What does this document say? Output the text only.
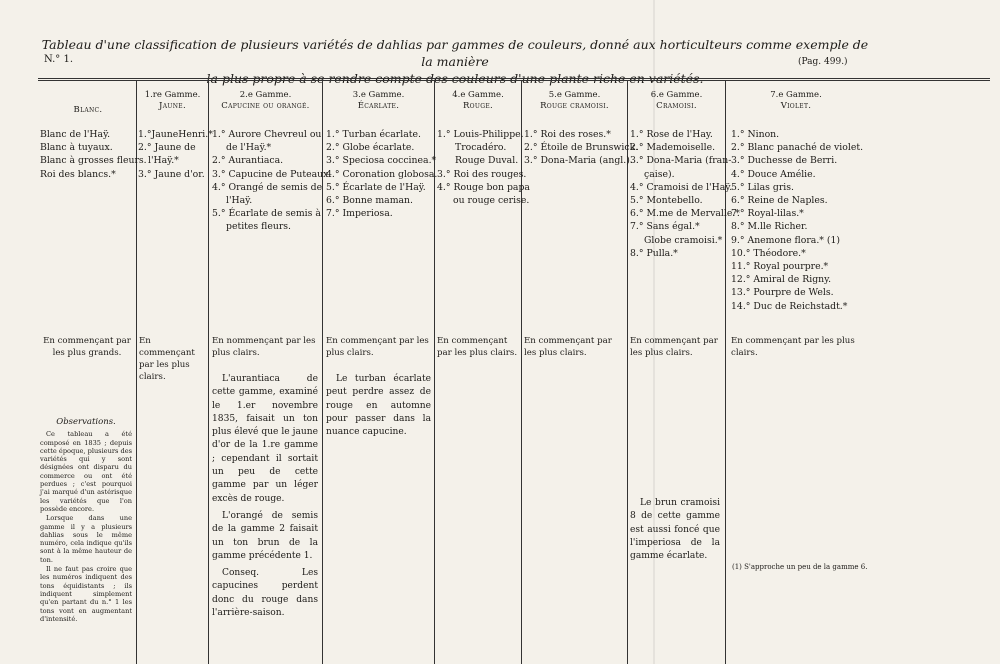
Tableau d'une classification de plusieurs variétés de dahlias par gammes de couleurs, donné aux horticulteurs comme exemple de la manière
N.° 1.	(Pag. 499.)
Blanc.
1.re Gamme.
Jaune.
2.e Gamme.
Capucine ou orangé.
3.e Gamme.
Écarlate.
4.e Gamme.
Rouge.
5.e Gamme.
Rouge cramoisi.
6.e Gamme.
Cramoisi.
7.e Gamme.
Violet.
Blanc de l'Haÿ.
Blanc à tuyaux.
Blanc à grosses fleurs.
Roi des blancs.*
1.°JauneHenri.*
2.° Jaune de
l'Haÿ.*
3.° Jaune d'or.
1.° Aurore Chevreul ou
de l'Haÿ.*
2.° Aurantiaca.
3.° Capucine de Puteaux.
4.° Orangé de semis de
l'Haÿ.
5.° Écarlate de semis à
petites fleurs.
1.° Turban écarlate.
2.° Globe écarlate.
3.° Speciosa coccinea.*
4.° Coronation globosa.
5.° Écarlate de l'Haÿ.
6.° Bonne maman.
7.° Imperiosa.
1.° Louis-Philippe.
Trocadéro.
Rouge Duval.
3.° Roi des rouges.
4.° Rouge bon papa
ou rouge cerise.
1.° Roi des roses.*
2.° Étoile de Brunswick.
3.° Dona-Maria (angl.).
1.° Rose de l'Hay.
2.° Mademoiselle.
3.° Dona-Maria (fran-
çaise).
4.° Cramoisi de l'Haÿ.
5.° Montebello.
6.° M.me de Mervalle.*
7.° Sans égal.*
Globe cramoisi.*
8.° Pulla.*
1.° Ninon.
2.° Blanc panaché de violet.
3.° Duchesse de Berri.
4.° Douce Amélie.
5.° Lilas gris.
6.° Reine de Naples.
7.° Royal-lilas.*
8.° M.lle Richer.
9.° Anemone flora.* (1)
10.° Théodore.*
11.° Royal pourpre.*
12.° Amiral de Rigny.
13.° Pourpre de Wels.
14.° Duc de Reichstadt.*
En commençant par les plus grands.
En commençant par les plus clairs.
En nommençant par les plus clairs.
En commençant par les plus clairs.
En commençant par les plus clairs.
En commençant par les plus clairs.
En commençant par les plus clairs.
En commençant par les plus clairs.
Observations.

Ce tableau a été composé en 1835 ; depuis cette époque, plusieurs des variétés qui y sont désignées ont disparu du commerce ou ont été perdues ; c'est pourquoi j'ai marqué d'un astérisque les variétés que l'on possède encore.

Lorsque dans une gamme il y a plusieurs dahlias sous le même numéro, cela indique qu'ils sont à la même hauteur de ton.

Il ne faut pas croire que les numéros indiquent des tons équidistants ; ils indiquent simplement qu'en partant du n.° 1 les tons vont en augmentant d'intensité.

L'aurantiaca de cette gamme, examiné le 1.er novembre 1835, faisait un ton plus élevé que le jaune d'or de la 1.re gamme ; cependant il sortait un peu de cette gamme par un léger excès de rouge.

L'orangé de semis de la gamme 2 faisait un ton brun de la gamme précédente 1.

Conseq. Les capucines perdent donc du rouge dans l'arrière-saison.

Le turban écarlate peut perdre assez de rouge en automne pour passer dans la nuance capucine.

Le brun cramoisi 8 de cette gamme est aussi foncé que l'imperiosa de la gamme écarlate.

(1) S'approche un peu de la gamme 6.
